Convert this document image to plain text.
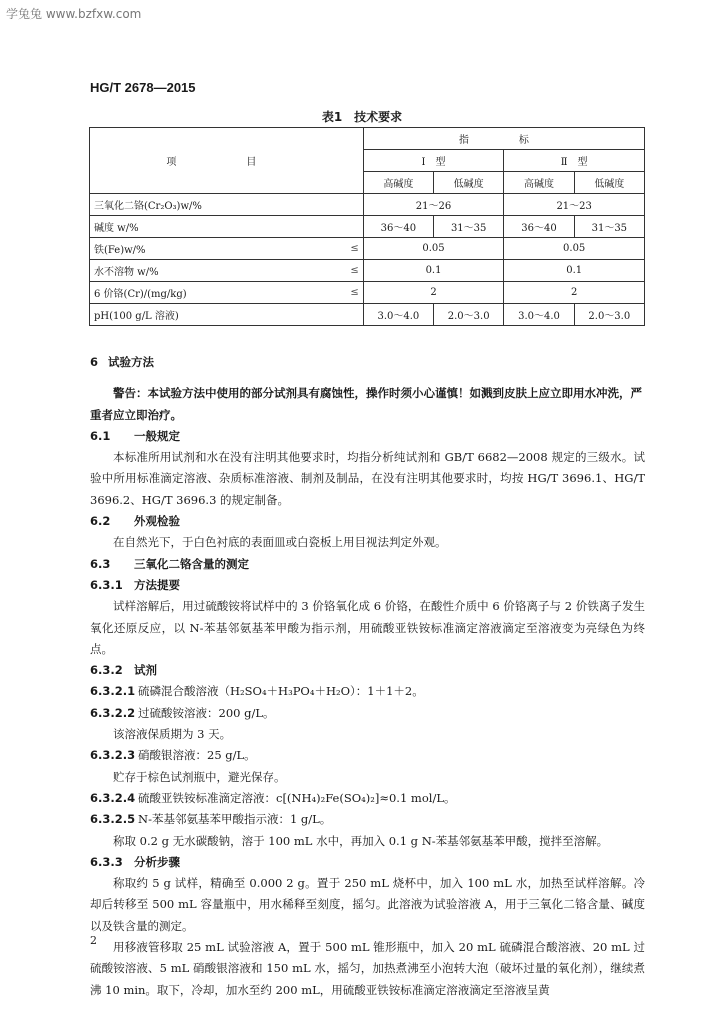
学兔兔 www.bzfxw.com
HG/T 2678—2015
表1　技术要求
项　目		指　标			
		Ⅰ　型		Ⅱ　型	
		高碱度	低碱度	高碱度	低碱度
三氧化二铬(Cr₂O₃)w/%		21～26		21～23	
碱度 w/%		36～40	31～35	36～40	31～35
铁(Fe)w/%	≤	0.05		0.05	
水不溶物 w/%	≤	0.1		0.1	
6 价铬(Cr)/(mg/kg)	≤	2		2	
pH(100 g/L 溶液)		3.0～4.0	2.0～3.0	3.0～4.0	2.0～3.0

6 试验方法

警告：本试验方法中使用的部分试剂具有腐蚀性，操作时须小心谨慎！如溅到皮肤上应立即用水冲洗，严重者应立即治疗。

6.1 一般规定

本标准所用试剂和水在没有注明其他要求时，均指分析纯试剂和 GB/T 6682—2008 规定的三级水。试验中所用标准滴定溶液、杂质标准溶液、制剂及制品，在没有注明其他要求时，均按 HG/T 3696.1、HG/T 3696.2、HG/T 3696.3 的规定制备。

6.2 外观检验

在自然光下，于白色衬底的表面皿或白瓷板上用目视法判定外观。

6.3 三氧化二铬含量的测定

6.3.1 方法提要

试样溶解后，用过硫酸铵将试样中的 3 价铬氧化成 6 价铬，在酸性介质中 6 价铬离子与 2 价铁离子发生氧化还原反应，以 N-苯基邻氨基苯甲酸为指示剂，用硫酸亚铁铵标准滴定溶液滴定至溶液变为亮绿色为终点。

6.3.2 试剂

6.3.2.1 硫磷混合酸溶液（H₂SO₄＋H₃PO₄＋H₂O）：1＋1＋2。

6.3.2.2 过硫酸铵溶液：200 g/L。

该溶液保质期为 3 天。

6.3.2.3 硝酸银溶液：25 g/L。

贮存于棕色试剂瓶中，避光保存。

6.3.2.4 硫酸亚铁铵标准滴定溶液：c[(NH₄)₂Fe(SO₄)₂]≈0.1 mol/L。

6.3.2.5 N-苯基邻氨基苯甲酸指示液：1 g/L。

称取 0.2 g 无水碳酸钠，溶于 100 mL 水中，再加入 0.1 g N-苯基邻氨基苯甲酸，搅拌至溶解。

6.3.3 分析步骤

称取约 5 g 试样，精确至 0.000 2 g。置于 250 mL 烧杯中，加入 100 mL 水，加热至试样溶解。冷却后转移至 500 mL 容量瓶中，用水稀释至刻度，摇匀。此溶液为试验溶液 A，用于三氧化二铬含量、碱度以及铁含量的测定。

用移液管移取 25 mL 试验溶液 A，置于 500 mL 锥形瓶中，加入 20 mL 硫磷混合酸溶液、20 mL 过硫酸铵溶液、5 mL 硝酸银溶液和 150 mL 水，摇匀，加热煮沸至小泡转大泡（破坏过量的氧化剂），继续煮沸 10 min。取下，冷却，加水至约 200 mL，用硫酸亚铁铵标准滴定溶液滴定至溶液呈黄

2
